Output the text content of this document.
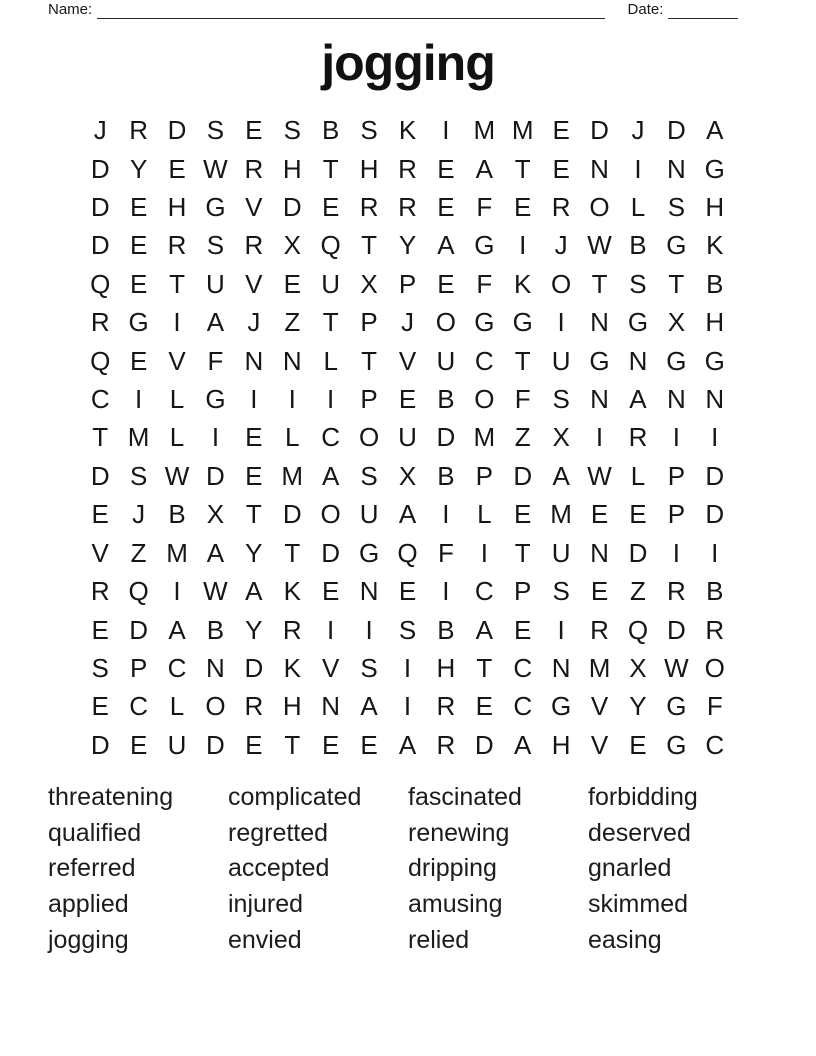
Name:	Date:
jogging
J R D S E S B S K	I M M E D J D A
D Y E W R H T H R E A T E N I N G
D E H G V D E R R E F E R O L S H
D E R S R X Q T Y A G I	J W B G K
Q E T U V E U X P E F K O T S T B
R G I	A J Z T P J O G G I N G X H
Q E V F N N L T V U C T U G N G G
C I	L G I	I	I	P E B O F S N A N N
T M L	I	E L C O U D M Z X	I R I	I
D S W D E M A S X B P D A W L P D
E J B X T D O U A	I	L E M E E P D
V Z M A Y T D G Q F	I	T U N D I	I
R Q I W A K E N E	I C P S E Z R B
E D A B Y R I	I	S B A E	I R Q D R
S P C N D K V S	I H T C N M X W O
E C L O R H N A	I R E C G V Y G F
D E U D E T E E A R D A H V E G C
threatening
qualified
referred
applied
jogging
complicated
regretted
accepted
injured
envied
fascinated
renewing
dripping
amusing
relied
forbidding
deserved
gnarled
skimmed
easing
